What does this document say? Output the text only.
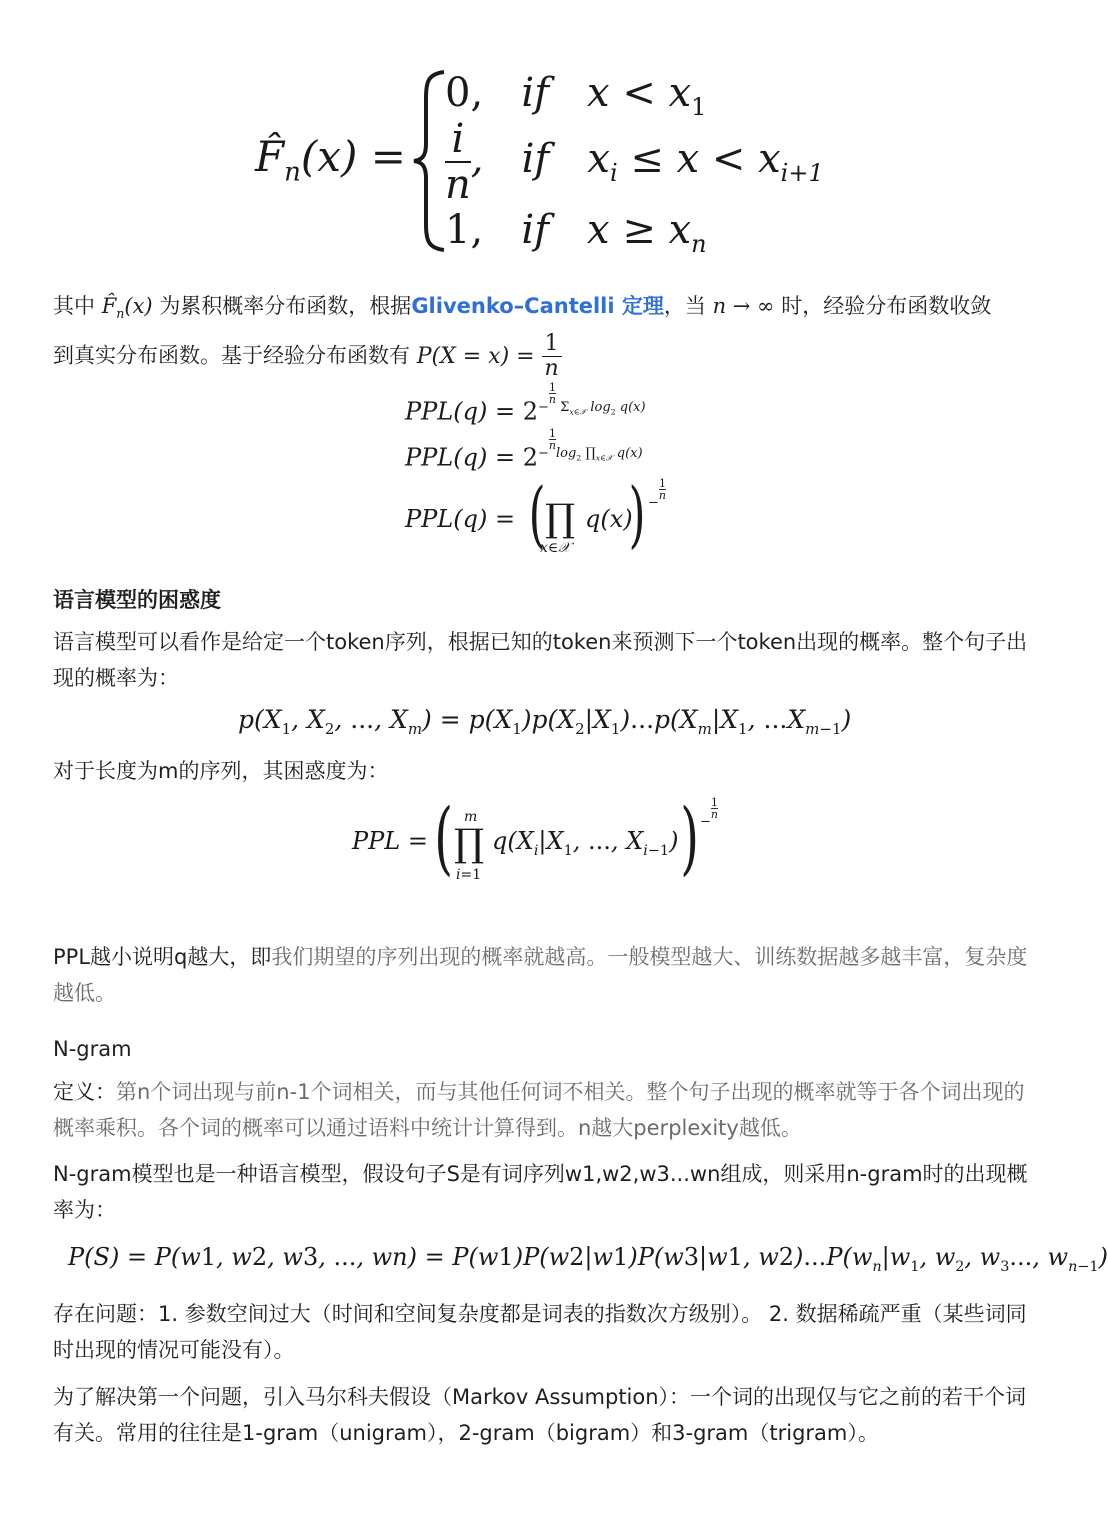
$F̂_n(x)$ =
0,   if   $x < x_1$
$\frac{i}{n}$ ,   if   $x_i \le x < x_{i+1}$
1,   if   $x \ge x_n$
其中 $F̂_n(x)$ 为累积概率分布函数，根据Glivenko–Cantelli 定理，当 n → ∞ 时，经验分布函数收敛
到真实分布函数。基于经验分布函数有 $P(X = x) = \frac{1}{n}$
$PPL(q) = 2^{- \frac{1}{n} \Sigma_{x\in 𝒳} log_2 q(x)}$
$PPL(q) = 2^{- \frac{1}{n} log_2 \prod_{x\in 𝒳} q(x)}$
PPL(q) = ( ∏
x∈𝒳
q(x)
) −
$\frac{1}{n}$
语言模型的困惑度
语言模型可以看作是给定一个token序列，根据已知的token来预测下一个token出现的概率。整个句子出现的概率为：
$p(X_1$, $X_2$, ..., $X_m) = p(X_1)p(X_2|X_1)...p(X_m|X_1$, $...X_{m-1}$)
对于长度为m的序列，其困惑度为：
PPL = ( m
∏
i=1
$q(X_i|X_1$, ..., $X_{i-1}$) ) −
$\frac{1}{n}$
PPL越小说明q越大，即我们期望的序列出现的概率就越高。一般模型越大、训练数据越多越丰富，复杂度越低。
N-gram
定义：第n个词出现与前n-1个词相关，而与其他任何词不相关。整个句子出现的概率就等于各个词出现的概率乘积。各个词的概率可以通过语料中统计计算得到。n越大perplexity越低。
N-gram模型也是一种语言模型，假设句子S是有词序列w1,w2,w3...wn组成，则采用n-gram时的出现概率为：
P(S) = P(w1, w2, w3, ..., wn) = P(w1)P(w2|w1)P(w3|w1, $w2)...P(w_n|w_1$, $w_2$, $w_3$..., $w_{n-1}$)
存在问题：1. 参数空间过大（时间和空间复杂度都是词表的指数次方级别）。 2. 数据稀疏严重（某些词同时出现的情况可能没有）。
为了解决第一个问题，引入马尔科夫假设（Markov Assumption）：一个词的出现仅与它之前的若干个词有关。常用的往往是1-gram（unigram），2-gram（bigram）和3-gram（trigram）。
